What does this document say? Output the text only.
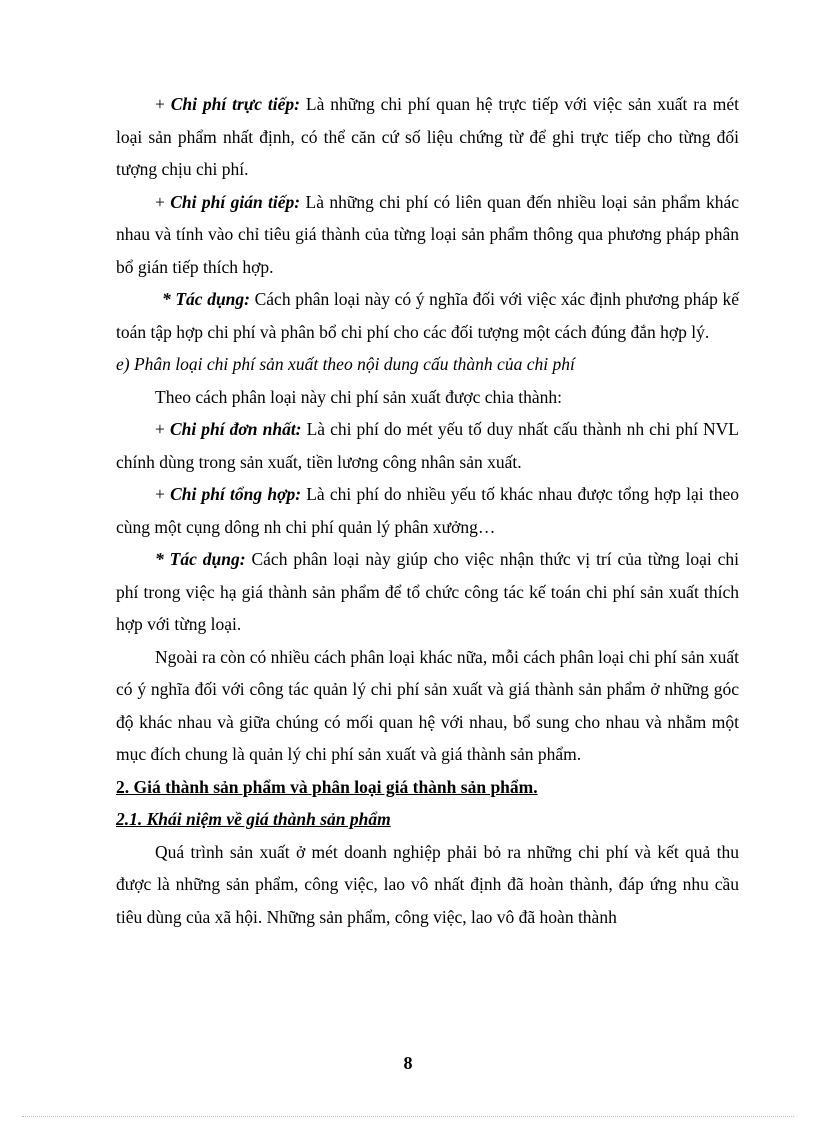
+ Chi phí trực tiếp: Là những chi phí quan hệ trực tiếp với việc sản xuất ra mét loại sản phẩm nhất định, có thể căn cứ số liệu chứng từ để ghi trực tiếp cho từng đối tượng chịu chi phí.

+ Chi phí gián tiếp: Là những chi phí có liên quan đến nhiều loại sản phẩm khác nhau và tính vào chỉ tiêu giá thành của từng loại sản phẩm thông qua phương pháp phân bổ gián tiếp thích hợp.

* Tác dụng: Cách phân loại này có ý nghĩa đối với việc xác định phương pháp kế toán tập hợp chi phí và phân bổ chi phí cho các đối tượng một cách đúng đắn hợp lý.

e) Phân loại chi phí sản xuất theo nội dung cấu thành của chi phí

Theo cách phân loại này chi phí sản xuất được chia thành:

+ Chi phí đơn nhất: Là chi phí do mét yếu tố duy nhất cấu thành nh chi phí NVL chính dùng trong sản xuất, tiền lương công nhân sản xuất.

+ Chi phí tổng hợp: Là chi phí do nhiều yếu tố khác nhau được tổng hợp lại theo cùng một cụng dông nh chi phí quản lý phân xưởng…

* Tác dụng: Cách phân loại này giúp cho việc nhận thức vị trí của từng loại chi phí trong việc hạ giá thành sản phẩm để tổ chức công tác kế toán chi phí sản xuất thích hợp với từng loại.

Ngoài ra còn có nhiều cách phân loại khác nữa, mỗi cách phân loại chi phí sản xuất có ý nghĩa đối với công tác quản lý chi phí sản xuất và giá thành sản phẩm ở những góc độ khác nhau và giữa chúng có mối quan hệ với nhau, bổ sung cho nhau và nhằm một mục đích chung là quản lý chi phí sản xuất và giá thành sản phẩm.

2. Giá thành sản phẩm và phân loại giá thành sản phẩm.

2.1. Khái niệm về giá thành sản phẩm

Quá trình sản xuất ở mét doanh nghiệp phải bỏ ra những chi phí và kết quả thu được là những sản phẩm, công việc, lao vô nhất định đã hoàn thành, đáp ứng nhu cầu tiêu dùng của xã hội. Những sản phẩm, công việc, lao vô đã hoàn thành

8
